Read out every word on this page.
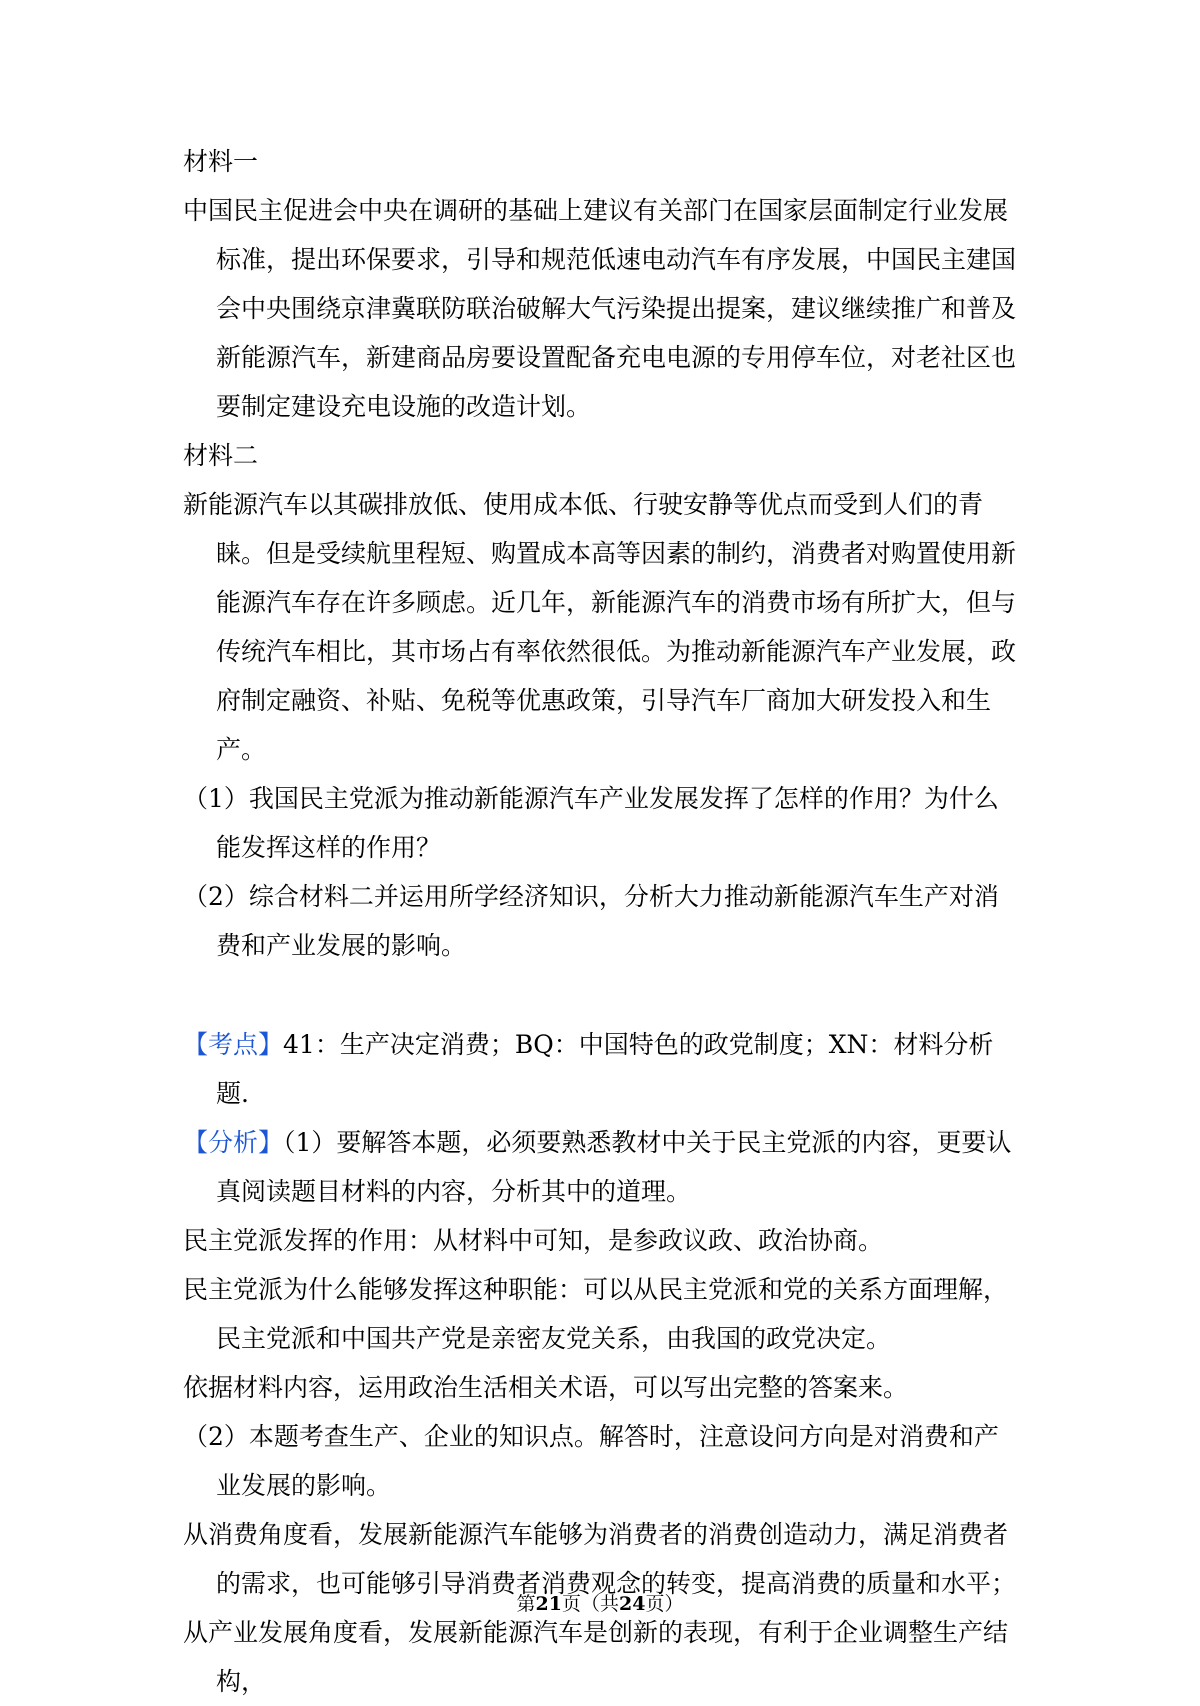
材料一

中国民主促进会中央在调研的基础上建议有关部门在国家层面制定行业发展标准，提出环保要求，引导和规范低速电动汽车有序发展，中国民主建国会中央围绕京津冀联防联治破解大气污染提出提案，建议继续推广和普及新能源汽车，新建商品房要设置配备充电电源的专用停车位，对老社区也要制定建设充电设施的改造计划。

材料二

新能源汽车以其碳排放低、使用成本低、行驶安静等优点而受到人们的青睐。但是受续航里程短、购置成本高等因素的制约，消费者对购置使用新能源汽车存在许多顾虑。近几年，新能源汽车的消费市场有所扩大，但与传统汽车相比，其市场占有率依然很低。为推动新能源汽车产业发展，政府制定融资、补贴、免税等优惠政策，引导汽车厂商加大研发投入和生产。

（1）我国民主党派为推动新能源汽车产业发展发挥了怎样的作用？为什么能发挥这样的作用？

（2）综合材料二并运用所学经济知识，分析大力推动新能源汽车生产对消费和产业发展的影响。

【考点】41：生产决定消费；BQ：中国特色的政党制度；XN：材料分析题.

【分析】（1）要解答本题，必须要熟悉教材中关于民主党派的内容，更要认真阅读题目材料的内容，分析其中的道理。

民主党派发挥的作用：从材料中可知，是参政议政、政治协商。

民主党派为什么能够发挥这种职能：可以从民主党派和党的关系方面理解，民主党派和中国共产党是亲密友党关系，由我国的政党决定。

依据材料内容，运用政治生活相关术语，可以写出完整的答案来。

（2）本题考查生产、企业的知识点。解答时，注意设问方向是对消费和产业发展的影响。

从消费角度看，发展新能源汽车能够为消费者的消费创造动力，满足消费者的需求，也可能够引导消费者消费观念的转变，提高消费的质量和水平；

从产业发展角度看，发展新能源汽车是创新的表现，有利于企业调整生产结构，

第21页（共24页）
